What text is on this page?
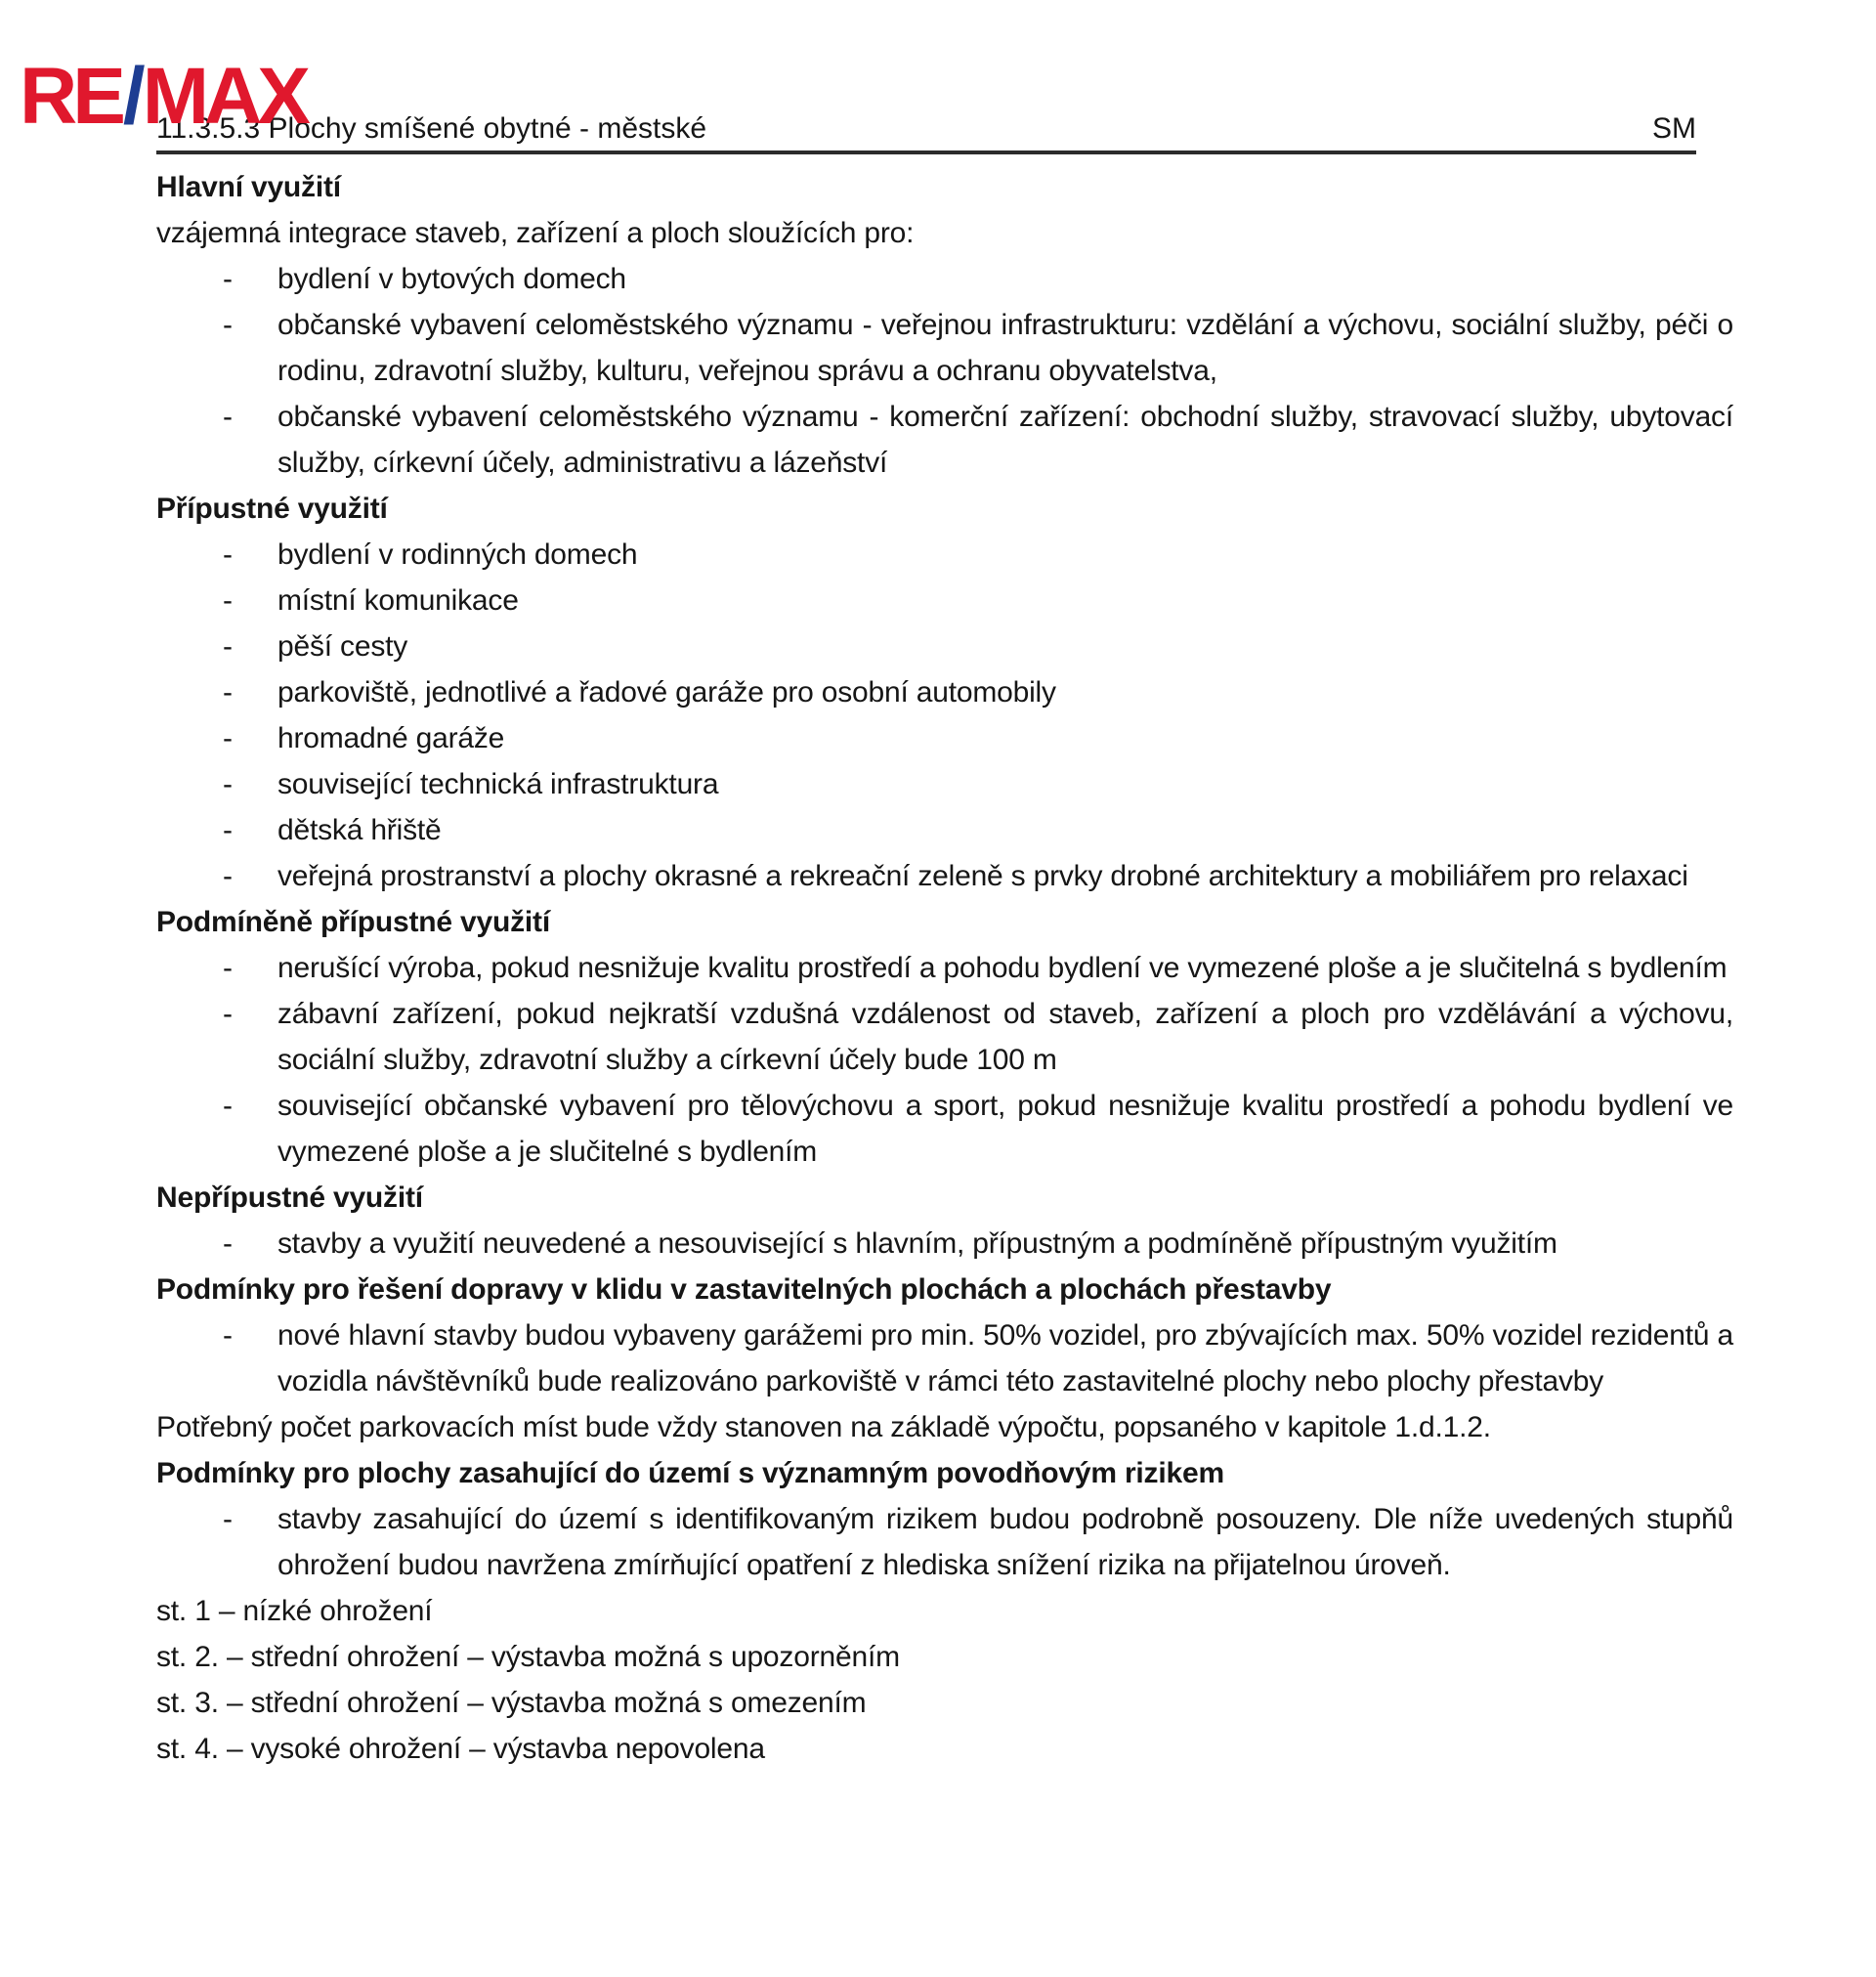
RE/MAX
11.3.5.3 Plochy smíšené obytné - městské	SM
Hlavní využití
vzájemná integrace staveb, zařízení a ploch sloužících pro:
- bydlení v bytových domech
- občanské vybavení celoměstského významu - veřejnou infrastrukturu: vzdělání a výchovu, sociální služby, péči o rodinu, zdravotní služby, kulturu, veřejnou správu a ochranu obyvatelstva,
- občanské vybavení celoměstského významu - komerční zařízení: obchodní služby, stravovací služby, ubytovací služby, církevní účely, administrativu a lázeňství
Přípustné využití
- bydlení v rodinných domech
- místní komunikace
- pěší cesty
- parkoviště, jednotlivé a řadové garáže pro osobní automobily
- hromadné garáže
- související technická infrastruktura
- dětská hřiště
- veřejná prostranství a plochy okrasné a rekreační zeleně s prvky drobné architektury a mobiliářem pro relaxaci
Podmíněně přípustné využití
- nerušící výroba, pokud nesnižuje kvalitu prostředí a pohodu bydlení ve vymezené ploše a je slučitelná s bydlením
- zábavní zařízení, pokud nejkratší vzdušná vzdálenost od staveb, zařízení a ploch pro vzdělávání a výchovu, sociální služby, zdravotní služby a církevní účely bude 100 m
- související občanské vybavení pro tělovýchovu a sport, pokud nesnižuje kvalitu prostředí a pohodu bydlení ve vymezené ploše a je slučitelné s bydlením
Nepřípustné využití
- stavby a využití neuvedené a nesouvisející s hlavním, přípustným a podmíněně přípustným využitím
Podmínky pro řešení dopravy v klidu v zastavitelných plochách a plochách přestavby
- nové hlavní stavby budou vybaveny garážemi pro min. 50% vozidel, pro zbývajících max. 50% vozidel rezidentů a vozidla návštěvníků bude realizováno parkoviště v rámci této zastavitelné plochy nebo plochy přestavby
Potřebný počet parkovacích míst bude vždy stanoven na základě výpočtu, popsaného v kapitole 1.d.1.2.
Podmínky pro plochy zasahující do území s významným povodňovým rizikem
- stavby zasahující do území s identifikovaným rizikem budou podrobně posouzeny. Dle níže uvedených stupňů ohrožení budou navržena zmírňující opatření z hlediska snížení rizika na přijatelnou úroveň.
st. 1 – nízké ohrožení
st. 2. – střední ohrožení – výstavba možná s upozorněním
st. 3. – střední ohrožení – výstavba možná s omezením
st. 4. – vysoké ohrožení – výstavba nepovolena
